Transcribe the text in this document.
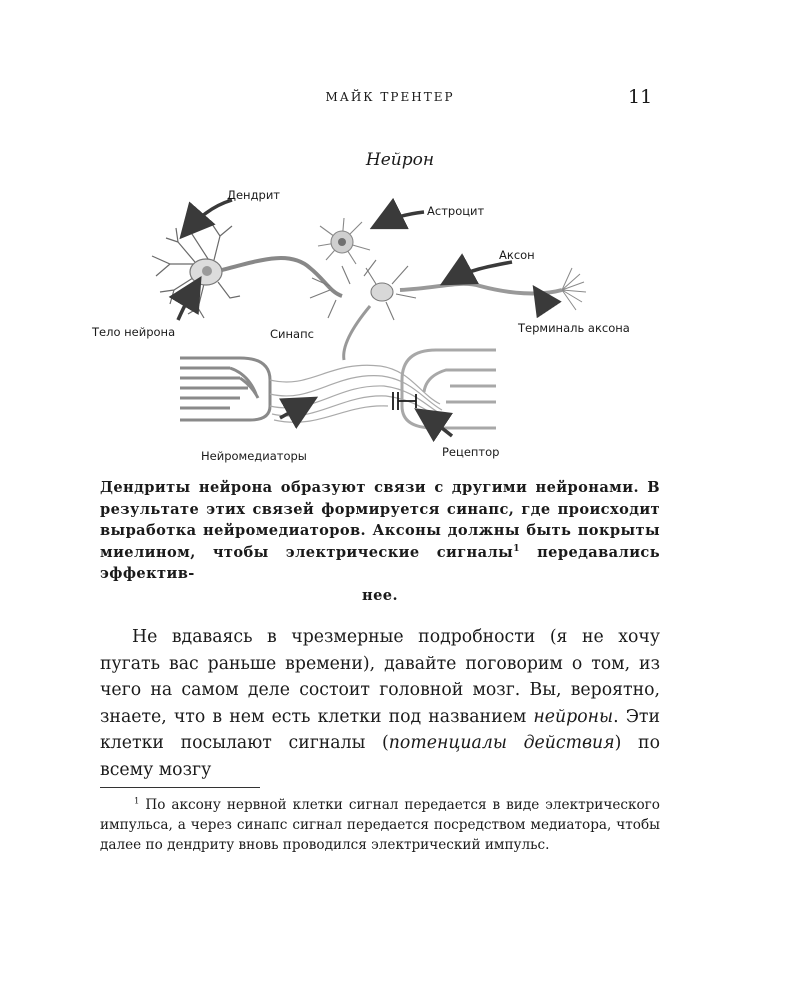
МАЙК ТРЕНТЕР	11
Нейрон
Дендрит
Астроцит
Аксон
Тело нейрона	Синапс	Терминаль аксона
Нейромедиаторы	Рецептор

Дендриты нейрона образуют связи с другими нейронами. В результате этих связей формируется синапс, где происходит выработка нейромедиаторов. Аксоны должны быть покрыты миелином, чтобы электрические сигналы$^1$ передавались эффектив-
нее.

Не вдаваясь в чрезмерные подробности (я не хочу пугать вас раньше времени), давайте поговорим о том, из чего на самом деле состоит головной мозг. Вы, вероятно, знаете, что в нем есть клетки под названием нейроны. Эти клетки посылают сигналы (потенциалы действия) по всему мозгу

$^1$ По аксону нервной клетки сигнал передается в виде электрического импульса, а через синапс сигнал передается посредством медиатора, чтобы далее по дендриту вновь проводился электрический импульс.
